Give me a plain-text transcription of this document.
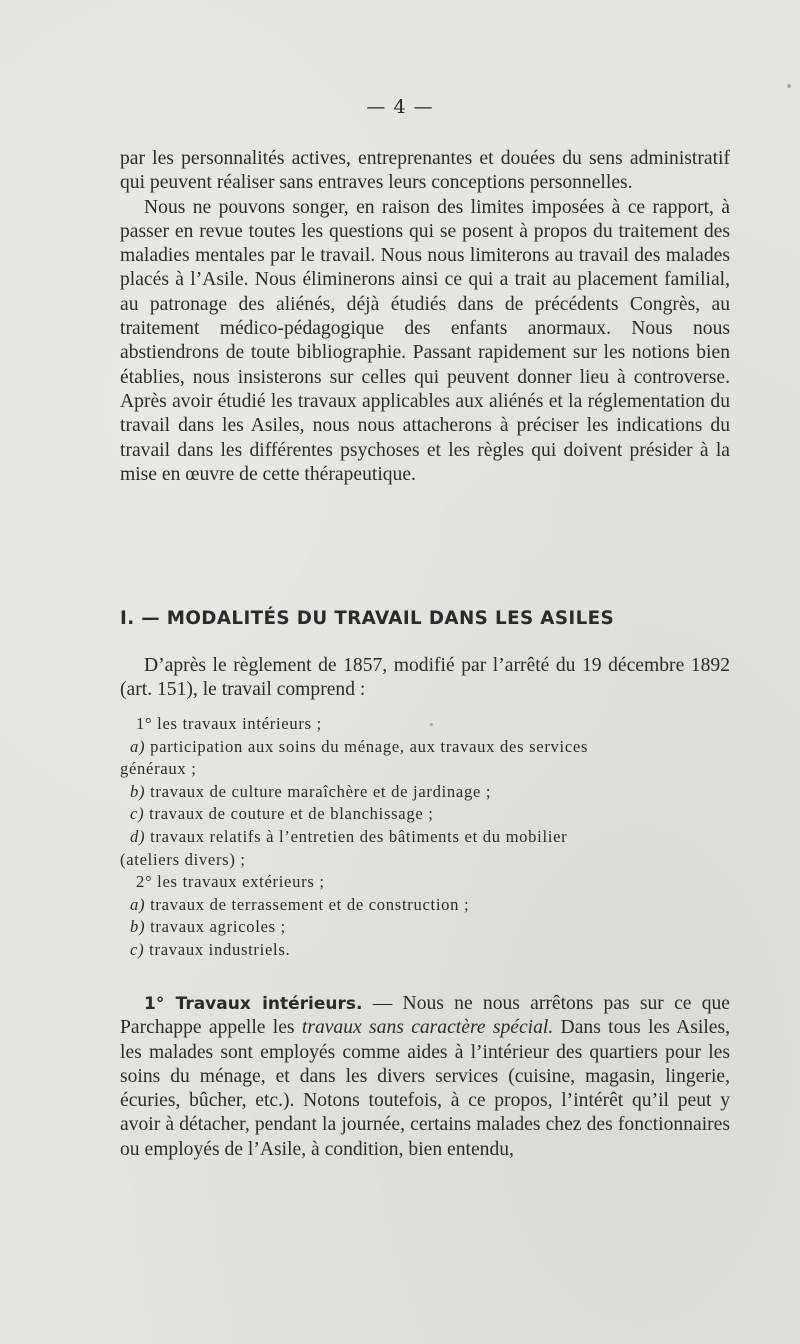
— 4 —

par les personnalités actives, entreprenantes et douées du sens administratif qui peuvent réaliser sans entraves leurs conceptions personnelles.

Nous ne pouvons songer, en raison des limites imposées à ce rapport, à passer en revue toutes les questions qui se posent à propos du traitement des maladies mentales par le travail. Nous nous limiterons au travail des malades placés à l’Asile. Nous éliminerons ainsi ce qui a trait au placement familial, au patronage des aliénés, déjà étudiés dans de précédents Congrès, au traitement médico-pédagogique des enfants anormaux. Nous nous abstiendrons de toute bibliographie. Passant rapidement sur les notions bien établies, nous insisterons sur celles qui peuvent donner lieu à controverse. Après avoir étudié les travaux applicables aux aliénés et la réglementation du travail dans les Asiles, nous nous attacherons à préciser les indications du travail dans les différentes psychoses et les règles qui doivent présider à la mise en œuvre de cette thérapeutique.

I. — MODALITÉS DU TRAVAIL DANS LES ASILES

D’après le règlement de 1857, modifié par l’arrêté du 19 décembre 1892 (art. 151), le travail comprend :

1° les travaux intérieurs ;
a) participation aux soins du ménage, aux travaux des services
généraux ;
b) travaux de culture maraîchère et de jardinage ;
c) travaux de couture et de blanchissage ;
d) travaux relatifs à l’entretien des bâtiments et du mobilier
(ateliers divers) ;
2° les travaux extérieurs ;
a) travaux de terrassement et de construction ;
b) travaux agricoles ;
c) travaux industriels.

1° Travaux intérieurs. — Nous ne nous arrêtons pas sur ce que Parchappe appelle les travaux sans caractère spécial. Dans tous les Asiles, les malades sont employés comme aides à l’intérieur des quartiers pour les soins du ménage, et dans les divers services (cuisine, magasin, lingerie, écuries, bûcher, etc.). Notons toutefois, à ce propos, l’intérêt qu’il peut y avoir à détacher, pendant la journée, certains malades chez des fonctionnaires ou employés de l’Asile, à condition, bien entendu,
